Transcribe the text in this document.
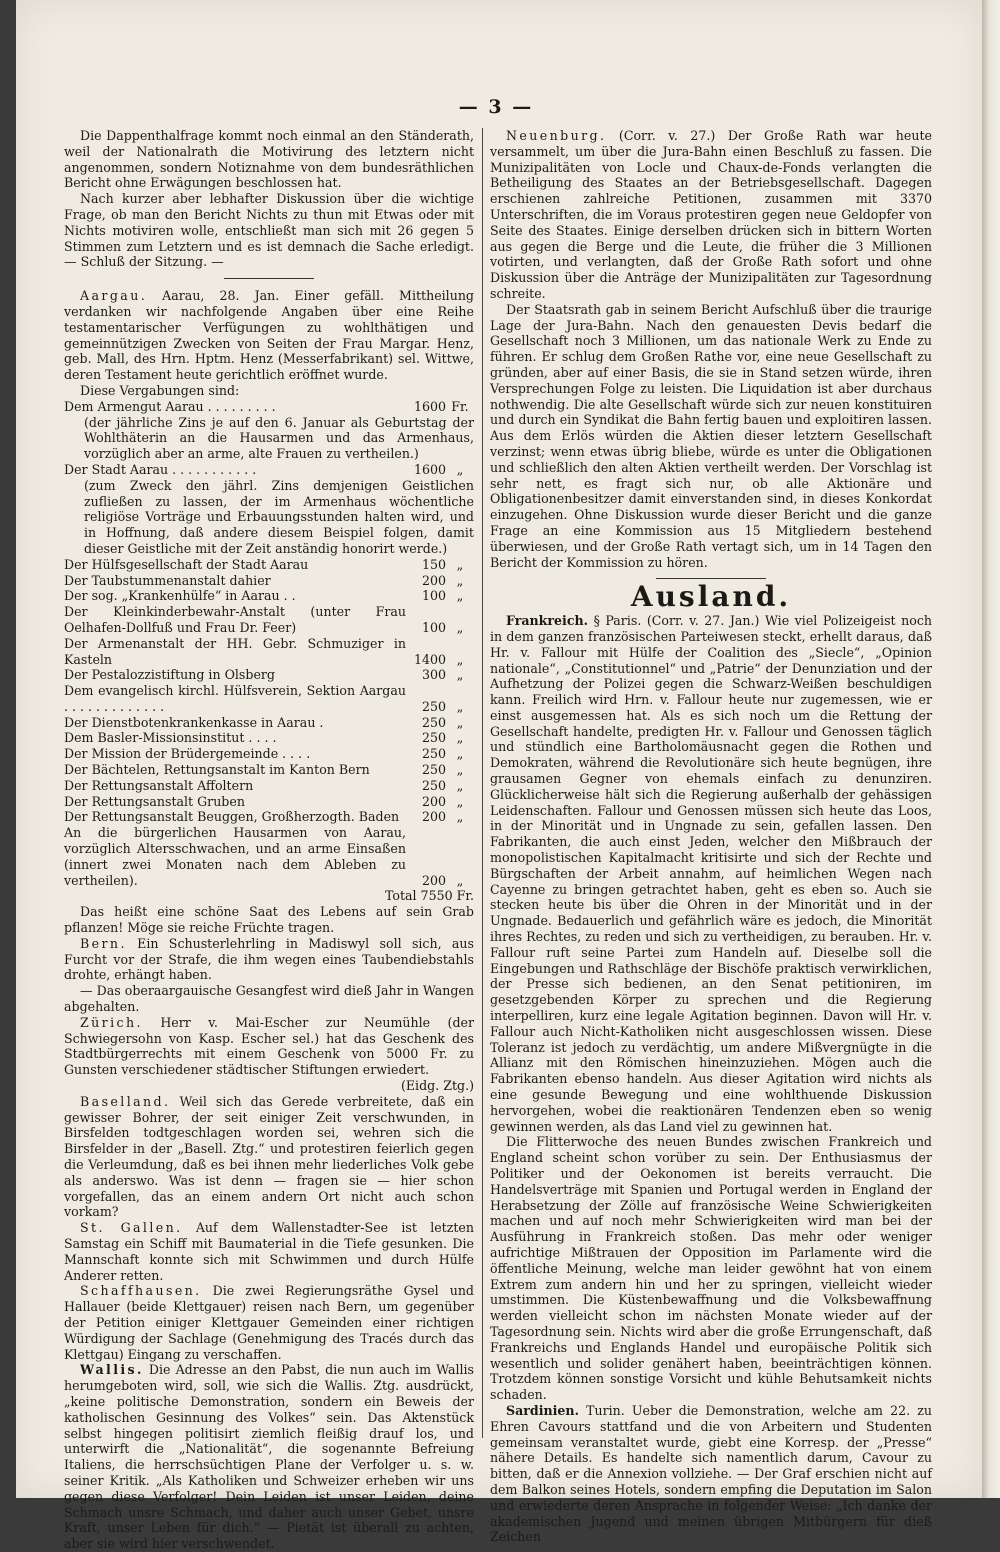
— 3 —

Die Dappenthalfrage kommt noch einmal an den Ständerath, weil der Nationalrath die Motivirung des letztern nicht angenommen, sondern Notiznahme von dem bundesräthlichen Bericht ohne Erwägungen beschlossen hat.

Nach kurzer aber lebhafter Diskussion über die wichtige Frage, ob man den Bericht Nichts zu thun mit Etwas oder mit Nichts motiviren wolle, entschließt man sich mit 26 gegen 5 Stimmen zum Letztern und es ist demnach die Sache erledigt. — Schluß der Sitzung. —

Aargau. Aarau, 28. Jan. Einer gefäll. Mittheilung verdanken wir nachfolgende Angaben über eine Reihe testamentarischer Verfügungen zu wohlthätigen und gemeinnützigen Zwecken von Seiten der Frau Margar. Henz, geb. Mall, des Hrn. Hptm. Henz (Messerfabrikant) sel. Wittwe, deren Testament heute gerichtlich eröffnet wurde.

Diese Vergabungen sind:

Dem Armengut Aarau . . . . . . . . .	1600 Fr.
(der jährliche Zins je auf den 6. Januar als Geburtstag der Wohlthäterin an die Hausarmen und das Armenhaus, vorzüglich aber an arme, alte Frauen zu vertheilen.)
Der Stadt Aarau . . . . . . . . . . .	1600 „
(zum Zweck den jährl. Zins demjenigen Geistlichen zufließen zu lassen, der im Armenhaus wöchentliche religiöse Vorträge und Erbauungsstunden halten wird, und in Hoffnung, daß andere diesem Beispiel folgen, damit dieser Geistliche mit der Zeit anständig honorirt werde.)
Der Hülfsgesellschaft der Stadt Aarau	150 „
Der Taubstummenanstalt dahier	200 „
Der sog. „Krankenhülfe“ in Aarau . .	100 „
Der Kleinkinderbewahr-Anstalt (unter Frau Oelhafen-Dollfuß und Frau Dr. Feer)	100 „
Der Armenanstalt der HH. Gebr. Schmuziger in Kasteln	1400 „
Der Pestalozzistiftung in Olsberg	300 „
Dem evangelisch kirchl. Hülfsverein, Sektion Aargau . . . . . . . . . . . . .	250 „
Der Dienstbotenkrankenkasse in Aarau .	250 „
Dem Basler-Missionsinstitut . . . .	250 „
Der Mission der Brüdergemeinde . . . .	250 „
Der Bächtelen, Rettungsanstalt im Kanton Bern	250 „
Der Rettungsanstalt Affoltern	250 „
Der Rettungsanstalt Gruben	200 „
Der Rettungsanstalt Beuggen, Großherzogth. Baden	200 „
An die bürgerlichen Hausarmen von Aarau, vorzüglich Altersschwachen, und an arme Einsaßen (innert zwei Monaten nach dem Ableben zu vertheilen).	200 „
Total 7550 Fr.

Das heißt eine schöne Saat des Lebens auf sein Grab pflanzen! Möge sie reiche Früchte tragen.

Bern. Ein Schusterlehrling in Madiswyl soll sich, aus Furcht vor der Strafe, die ihm wegen eines Taubendiebstahls drohte, erhängt haben.

— Das oberaargauische Gesangfest wird dieß Jahr in Wangen abgehalten.

Zürich. Herr v. Mai-Escher zur Neumühle (der Schwiegersohn von Kasp. Escher sel.) hat das Geschenk des Stadtbürgerrechts mit einem Geschenk von 5000 Fr. zu Gunsten verschiedener städtischer Stiftungen erwiedert.

(Eidg. Ztg.)

Baselland. Weil sich das Gerede verbreitete, daß ein gewisser Bohrer, der seit einiger Zeit verschwunden, in Birsfelden todtgeschlagen worden sei, wehren sich die Birsfelder in der „Basell. Ztg.“ und protestiren feierlich gegen die Verleumdung, daß es bei ihnen mehr liederliches Volk gebe als anderswo. Was ist denn — fragen sie — hier schon vorgefallen, das an einem andern Ort nicht auch schon vorkam?

St. Gallen. Auf dem Wallenstadter-See ist letzten Samstag ein Schiff mit Baumaterial in die Tiefe gesunken. Die Mannschaft konnte sich mit Schwimmen und durch Hülfe Anderer retten.

Schaffhausen. Die zwei Regierungsräthe Gysel und Hallauer (beide Klettgauer) reisen nach Bern, um gegenüber der Petition einiger Klettgauer Gemeinden einer richtigen Würdigung der Sachlage (Genehmigung des Tracés durch das Klettgau) Eingang zu verschaffen.

Wallis. Die Adresse an den Pabst, die nun auch im Wallis herumgeboten wird, soll, wie sich die Wallis. Ztg. ausdrückt, „keine politische Demonstration, sondern ein Beweis der katholischen Gesinnung des Volkes“ sein. Das Aktenstück selbst hingegen politisirt ziemlich fleißig drauf los, und unterwirft die „Nationalität“, die sogenannte Befreiung Italiens, die herrschsüchtigen Plane der Verfolger u. s. w. seiner Kritik. „Als Katholiken und Schweizer erheben wir uns gegen diese Verfolger! Dein Leiden ist unser Leiden, deine Schmach unsre Schmach, und daher auch unser Gebet, unsre Kraft, unser Leben für dich.“ — Pietät ist überall zu achten, aber sie wird hier verschwendet.

Neuenburg. (Corr. v. 27.) Der Große Rath war heute versammelt, um über die Jura-Bahn einen Beschluß zu fassen. Die Munizipalitäten von Locle und Chaux-de-Fonds verlangten die Betheiligung des Staates an der Betriebsgesellschaft. Dagegen erschienen zahlreiche Petitionen, zusammen mit 3370 Unterschriften, die im Voraus protestiren gegen neue Geldopfer von Seite des Staates. Einige derselben drücken sich in bittern Worten aus gegen die Berge und die Leute, die früher die 3 Millionen votirten, und verlangten, daß der Große Rath sofort und ohne Diskussion über die Anträge der Munizipalitäten zur Tagesordnung schreite.

Der Staatsrath gab in seinem Bericht Aufschluß über die traurige Lage der Jura-Bahn. Nach den genauesten Devis bedarf die Gesellschaft noch 3 Millionen, um das nationale Werk zu Ende zu führen. Er schlug dem Großen Rathe vor, eine neue Gesellschaft zu gründen, aber auf einer Basis, die sie in Stand setzen würde, ihren Versprechungen Folge zu leisten. Die Liquidation ist aber durchaus nothwendig. Die alte Gesellschaft würde sich zur neuen konstituiren und durch ein Syndikat die Bahn fertig bauen und exploitiren lassen. Aus dem Erlös würden die Aktien dieser letztern Gesellschaft verzinst; wenn etwas übrig bliebe, würde es unter die Obligationen und schließlich den alten Aktien vertheilt werden. Der Vorschlag ist sehr nett, es fragt sich nur, ob alle Aktionäre und Obligationenbesitzer damit einverstanden sind, in dieses Konkordat einzugehen. Ohne Diskussion wurde dieser Bericht und die ganze Frage an eine Kommission aus 15 Mitgliedern bestehend überwiesen, und der Große Rath vertagt sich, um in 14 Tagen den Bericht der Kommission zu hören.

Ausland.

Frankreich. § Paris. (Corr. v. 27. Jan.) Wie viel Polizeigeist noch in dem ganzen französischen Parteiwesen steckt, erhellt daraus, daß Hr. v. Fallour mit Hülfe der Coalition des „Siecle“, „Opinion nationale“, „Constitutionnel“ und „Patrie“ der Denunziation und der Aufhetzung der Polizei gegen die Schwarz-Weißen beschuldigen kann. Freilich wird Hrn. v. Fallour heute nur zugemessen, wie er einst ausgemessen hat. Als es sich noch um die Rettung der Gesellschaft handelte, predigten Hr. v. Fallour und Genossen täglich und stündlich eine Bartholomäusnacht gegen die Rothen und Demokraten, während die Revolutionäre sich heute begnügen, ihre grausamen Gegner von ehemals einfach zu denunziren. Glücklicherweise hält sich die Regierung außerhalb der gehässigen Leidenschaften. Fallour und Genossen müssen sich heute das Loos, in der Minorität und in Ungnade zu sein, gefallen lassen. Den Fabrikanten, die auch einst Jeden, welcher den Mißbrauch der monopolistischen Kapitalmacht kritisirte und sich der Rechte und Bürgschaften der Arbeit annahm, auf heimlichen Wegen nach Cayenne zu bringen getrachtet haben, geht es eben so. Auch sie stecken heute bis über die Ohren in der Minorität und in der Ungnade. Bedauerlich und gefährlich wäre es jedoch, die Minorität ihres Rechtes, zu reden und sich zu vertheidigen, zu berauben. Hr. v. Fallour ruft seine Partei zum Handeln auf. Dieselbe soll die Eingebungen und Rathschläge der Bischöfe praktisch verwirklichen, der Presse sich bedienen, an den Senat petitioniren, im gesetzgebenden Körper zu sprechen und die Regierung interpelliren, kurz eine legale Agitation beginnen. Davon will Hr. v. Fallour auch Nicht-Katholiken nicht ausgeschlossen wissen. Diese Toleranz ist jedoch zu verdächtig, um andere Mißvergnügte in die Allianz mit den Römischen hineinzuziehen. Mögen auch die Fabrikanten ebenso handeln. Aus dieser Agitation wird nichts als eine gesunde Bewegung und eine wohlthuende Diskussion hervorgehen, wobei die reaktionären Tendenzen eben so wenig gewinnen werden, als das Land viel zu gewinnen hat.

Die Flitterwoche des neuen Bundes zwischen Frankreich und England scheint schon vorüber zu sein. Der Enthusiasmus der Politiker und der Oekonomen ist bereits verraucht. Die Handelsverträge mit Spanien und Portugal werden in England der Herabsetzung der Zölle auf französische Weine Schwierigkeiten machen und auf noch mehr Schwierigkeiten wird man bei der Ausführung in Frankreich stoßen. Das mehr oder weniger aufrichtige Mißtrauen der Opposition im Parlamente wird die öffentliche Meinung, welche man leider gewöhnt hat von einem Extrem zum andern hin und her zu springen, vielleicht wieder umstimmen. Die Küstenbewaffnung und die Volksbewaffnung werden vielleicht schon im nächsten Monate wieder auf der Tagesordnung sein. Nichts wird aber die große Errungenschaft, daß Frankreichs und Englands Handel und europäische Politik sich wesentlich und solider genähert haben, beeinträchtigen können. Trotzdem können sonstige Vorsicht und kühle Behutsamkeit nichts schaden.

Sardinien. Turin. Ueber die Demonstration, welche am 22. zu Ehren Cavours stattfand und die von Arbeitern und Studenten gemeinsam veranstaltet wurde, giebt eine Korresp. der „Presse“ nähere Details. Es handelte sich namentlich darum, Cavour zu bitten, daß er die Annexion vollziehe. — Der Graf erschien nicht auf dem Balkon seines Hotels, sondern empfing die Deputation im Salon und erwiederte deren Ansprache in folgender Weise: „Ich danke der akademischen Jugend und meinen übrigen Mitbürgern für dieß Zeichen
